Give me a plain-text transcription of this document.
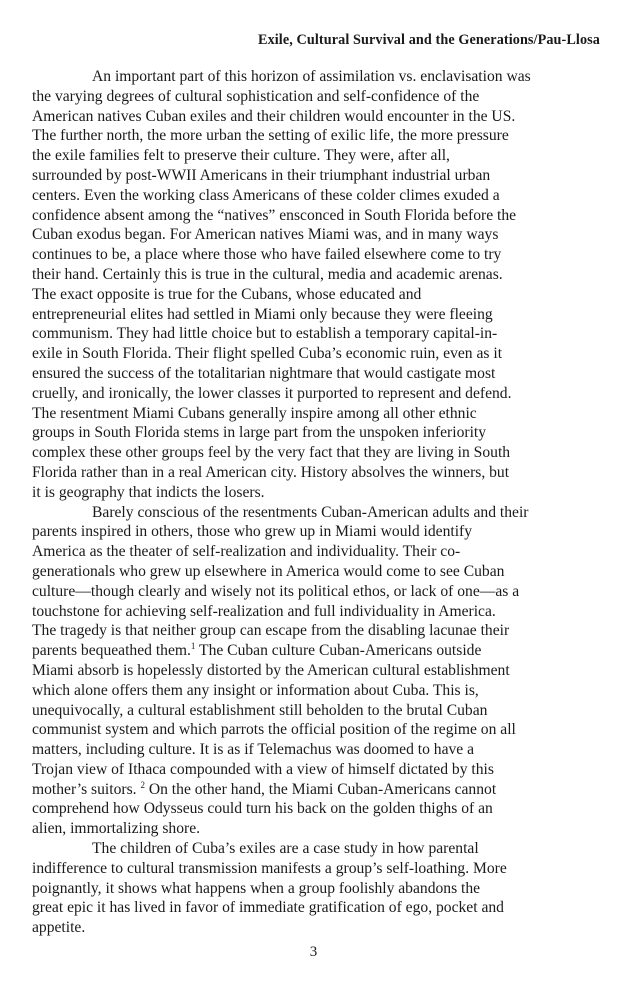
Exile, Cultural Survival and the Generations/Pau-Llosa

An important part of this horizon of assimilation vs. enclavisation was
the varying degrees of cultural sophistication and self-confidence of the
American natives Cuban exiles and their children would encounter in the US.
The further north, the more urban the setting of exilic life, the more pressure
the exile families felt to preserve their culture. They were, after all,
surrounded by post-WWII Americans in their triumphant industrial urban
centers. Even the working class Americans of these colder climes exuded a
confidence absent among the “natives” ensconced in South Florida before the
Cuban exodus began. For American natives Miami was, and in many ways
continues to be, a place where those who have failed elsewhere come to try
their hand. Certainly this is true in the cultural, media and academic arenas.
The exact opposite is true for the Cubans, whose educated and
entrepreneurial elites had settled in Miami only because they were fleeing
communism. They had little choice but to establish a temporary capital-in-
exile in South Florida. Their flight spelled Cuba’s economic ruin, even as it
ensured the success of the totalitarian nightmare that would castigate most
cruelly, and ironically, the lower classes it purported to represent and defend.
The resentment Miami Cubans generally inspire among all other ethnic
groups in South Florida stems in large part from the unspoken inferiority
complex these other groups feel by the very fact that they are living in South
Florida rather than in a real American city. History absolves the winners, but
it is geography that indicts the losers.

Barely conscious of the resentments Cuban-American adults and their
parents inspired in others, those who grew up in Miami would identify
America as the theater of self-realization and individuality. Their co-
generationals who grew up elsewhere in America would come to see Cuban
culture—though clearly and wisely not its political ethos, or lack of one—as a
touchstone for achieving self-realization and full individuality in America.
The tragedy is that neither group can escape from the disabling lacunae their
parents bequeathed them.$^1$ The Cuban culture Cuban-Americans outside
Miami absorb is hopelessly distorted by the American cultural establishment
which alone offers them any insight or information about Cuba. This is,
unequivocally, a cultural establishment still beholden to the brutal Cuban
communist system and which parrots the official position of the regime on all
matters, including culture. It is as if Telemachus was doomed to have a
Trojan view of Ithaca compounded with a view of himself dictated by this
mother’s suitors. $^2$ On the other hand, the Miami Cuban-Americans cannot
comprehend how Odysseus could turn his back on the golden thighs of an
alien, immortalizing shore.

The children of Cuba’s exiles are a case study in how parental
indifference to cultural transmission manifests a group’s self-loathing. More
poignantly, it shows what happens when a group foolishly abandons the
great epic it has lived in favor of immediate gratification of ego, pocket and
appetite.

3
